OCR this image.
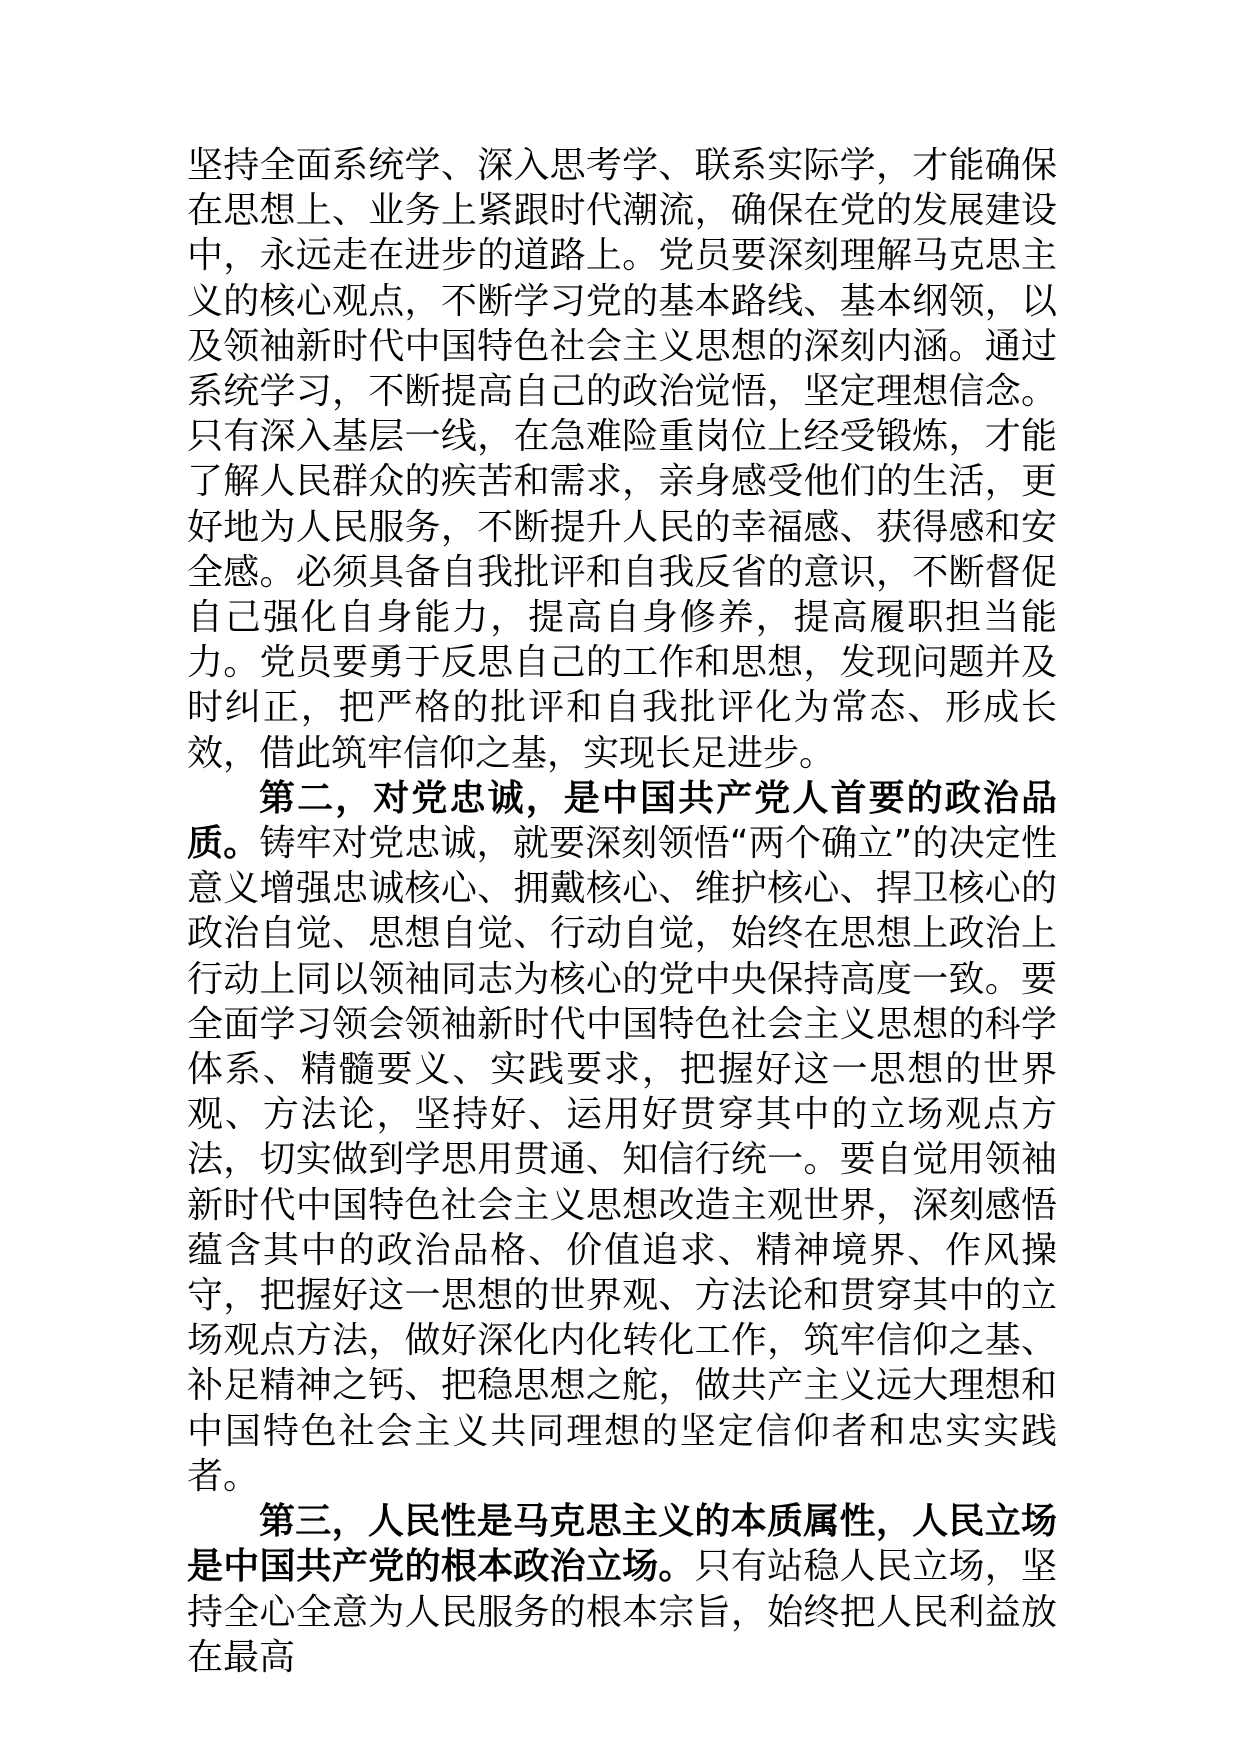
坚持全面系统学、深入思考学、联系实际学，才能确保在思想上、业务上紧跟时代潮流，确保在党的发展建设中，永远走在进步的道路上。党员要深刻理解马克思主义的核心观点，不断学习党的基本路线、基本纲领，以及领袖新时代中国特色社会主义思想的深刻内涵。通过系统学习，不断提高自己的政治觉悟，坚定理想信念。只有深入基层一线，在急难险重岗位上经受锻炼，才能了解人民群众的疾苦和需求，亲身感受他们的生活，更好地为人民服务，不断提升人民的幸福感、获得感和安全感。必须具备自我批评和自我反省的意识，不断督促自己强化自身能力，提高自身修养，提高履职担当能力。党员要勇于反思自己的工作和思想，发现问题并及时纠正，把严格的批评和自我批评化为常态、形成长效，借此筑牢信仰之基，实现长足进步。

第二，对党忠诚，是中国共产党人首要的政治品质。铸牢对党忠诚，就要深刻领悟“两个确立”的决定性意义增强忠诚核心、拥戴核心、维护核心、捍卫核心的政治自觉、思想自觉、行动自觉，始终在思想上政治上行动上同以领袖同志为核心的党中央保持高度一致。要全面学习领会领袖新时代中国特色社会主义思想的科学体系、精髓要义、实践要求，把握好这一思想的世界观、方法论，坚持好、运用好贯穿其中的立场观点方法，切实做到学思用贯通、知信行统一。要自觉用领袖新时代中国特色社会主义思想改造主观世界，深刻感悟蕴含其中的政治品格、价值追求、精神境界、作风操守，把握好这一思想的世界观、方法论和贯穿其中的立场观点方法，做好深化内化转化工作，筑牢信仰之基、补足精神之钙、把稳思想之舵，做共产主义远大理想和中国特色社会主义共同理想的坚定信仰者和忠实实践者。

第三，人民性是马克思主义的本质属性，人民立场是中国共产党的根本政治立场。只有站稳人民立场，坚持全心全意为人民服务的根本宗旨，始终把人民利益放在最高
